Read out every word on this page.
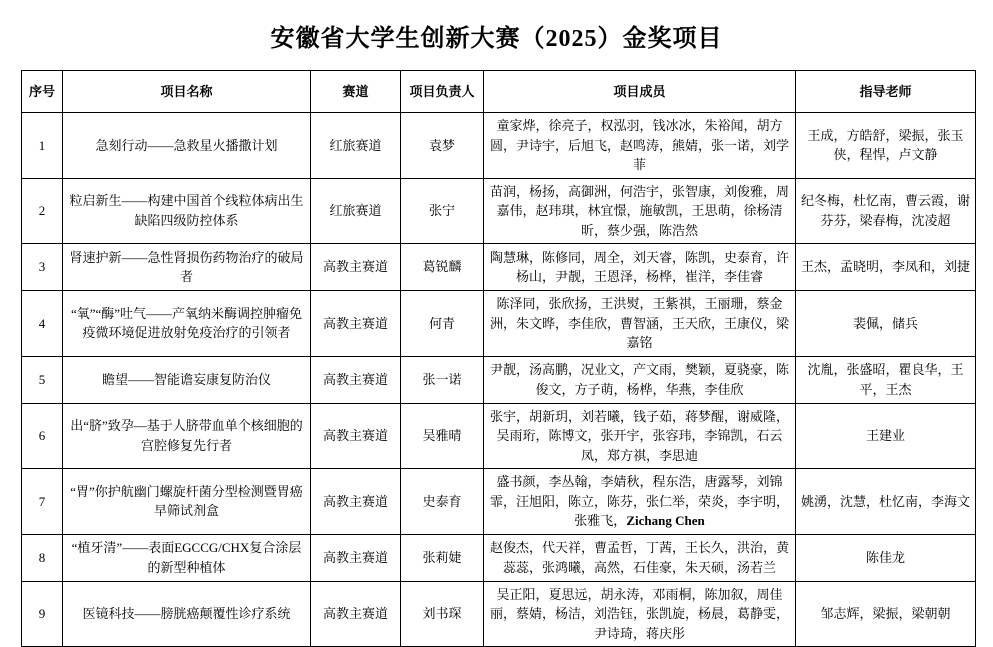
安徽省大学生创新大赛（2025）金奖项目
序号	项目名称	赛道	项目负责人	项目成员	指导老师
1	急刻行动——急救星火播撒计划	红旅赛道	袁梦	童家烨，徐亮子，权泓羽，钱冰冰，朱裕闻，胡方圆，尹诗宇，后旭飞，赵鸣涛，熊婧，张一诺，刘学菲	王成，方皓舒，梁振，张玉侠，程悍，卢文静
2	粒启新生——构建中国首个线粒体病出生缺陷四级防控体系	红旅赛道	张宁	苗润，杨扬，高御洲，何浩宇，张智康，刘俊雅，周嘉伟，赵玮琪，林宜憬，施敏凯，王思萌，徐杨清昕，蔡少强，陈浩然	纪冬梅，杜忆南，曹云霞，谢芬芬，梁春梅，沈凌超
3	肾速护新——急性肾损伤药物治疗的破局者	高教主赛道	葛锐麟	陶慧琳，陈修同，周全，刘天睿，陈凯，史泰育，许杨山，尹靓，王恩泽，杨桦，崔洋，李佳睿	王杰，孟晓明，李凤和，刘捷
4	“氧”“酶”吐气——产氧纳米酶调控肿瘤免疫微环境促进放射免疫治疗的引领者	高教主赛道	何青	陈泽同，张欣扬，王洪熨，王紫祺，王丽珊，蔡金洲，朱文晔，李佳欣，曹智涵，王天欣，王康仪，梁嘉铭	裴佩，储兵
5	瞻望——智能谵妄康复防治仪	高教主赛道	张一诺	尹靓，汤高鹏，况业文，产文雨，樊颖，夏骁豪，陈俊文，方子萌，杨桦，华燕，李佳欣	沈胤，张盛昭，瞿良华，王平，王杰
6	出“脐”致孕—基于人脐带血单个核细胞的宫腔修复先行者	高教主赛道	吴雅晴	张宇，胡新玥，刘若曦，钱子茹，蒋梦醒，谢威隆，吴雨珩，陈博文，张开宇，张容玮，李锦凯，石云凤，郑方祺，李思迪	王建业
7	“胃”你护航幽门螺旋杆菌分型检测暨胃癌早筛试剂盒	高教主赛道	史泰育	盛书颜，李丛翰，李婧秋，程东浩，唐露琴，刘锦霏，汪旭阳，陈立，陈芬，张仁举，荣炎，李宇明，张雅飞，Zichang Chen	姚湧，沈慧，杜忆南，李海文
8	“植牙清”——表面EGCCG/CHX复合涂层的新型种植体	高教主赛道	张莉婕	赵俊杰，代天祥，曹孟哲，丁茜，王长久，洪治，黄蕊蕊，张鸿曦，高然，石佳豪，朱天硕，汤若兰	陈佳龙
9	医镜科技——膀胱癌颠覆性诊疗系统	高教主赛道	刘书琛	吴正阳，夏思远，胡永涛，邓雨桐，陈加叙，周佳丽，蔡婧，杨洁，刘浩钰，张凯旋，杨晨，葛静雯，尹诗琦，蒋庆彤	邹志辉，梁振，梁朝朝
